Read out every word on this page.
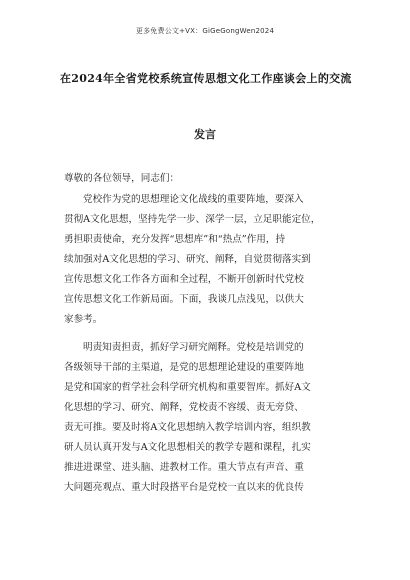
更多免费公文+VX：GiGeGongWen2024
在2024年全省党校系统宣传思想文化工作座谈会上的交流
发言
尊敬的各位领导，同志们：
党校作为党的思想理论文化战线的重要阵地，要深入
贯彻A文化思想，坚持先学一步、深学一层，立足职能定位，
勇担职责使命，充分发挥“思想库”和“热点”作用，持
续加强对A文化思想的学习、研究、阐释，自觉贯彻落实到
宣传思想文化工作各方面和全过程，不断开创新时代党校
宣传思想文化工作新局面。下面，我谈几点浅见，以供大
家参考。
明责知责担责，抓好学习研究阐释。党校是培训党的
各级领导干部的主渠道，是党的思想理论建设的重要阵地
是党和国家的哲学社会科学研究机构和重要智库。抓好A文
化思想的学习、研究、阐释，党校责不容缓、责无旁贷、
责无可推。要及时将A文化思想纳入教学培训内容，组织教
研人员认真开发与A文化思想相关的教学专题和课程，扎实
推进进课堂、进头脑、进教材工作。重大节点有声音、重
大问题亮观点、重大时段搭平台是党校一直以来的优良传
